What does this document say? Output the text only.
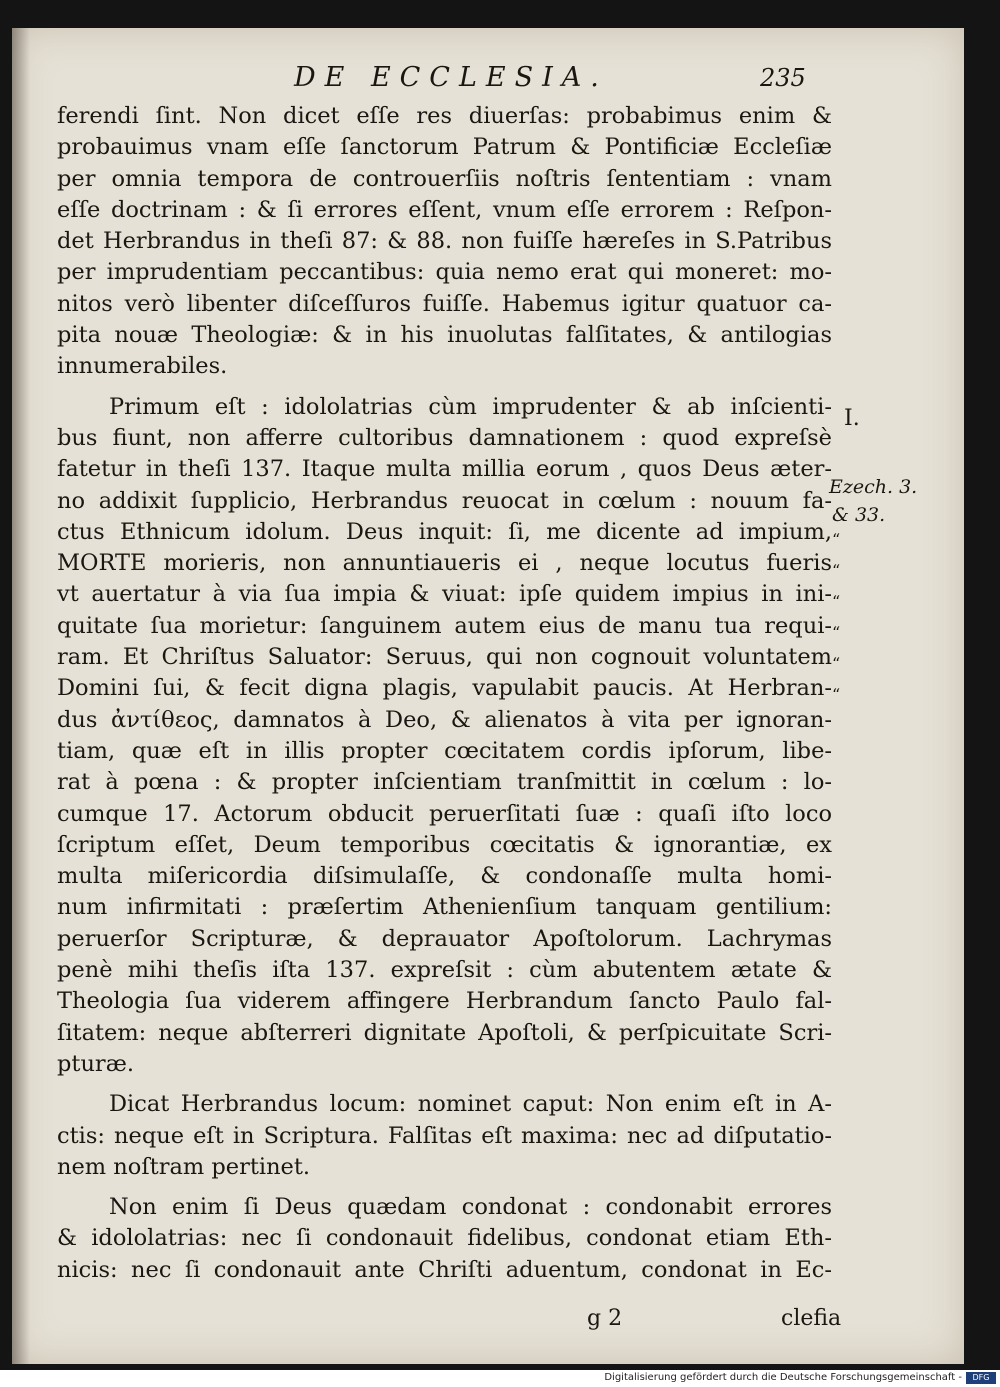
DE ECCLESIA.	235
ferendi ſint. Non dicet eſſe res diuerſas: probabimus enim &
probauimus vnam eſſe ſanctorum Patrum & Pontificiæ Eccleſiæ
per omnia tempora de controuerſiis noſtris ſententiam : vnam
eſſe doctrinam : & ſi errores eſſent, vnum eſſe errorem : Reſpon-
det Herbrandus in theſi 87: & 88. non fuiſſe hæreſes in S.Patribus
per imprudentiam peccantibus: quia nemo erat qui moneret: mo-
nitos verò libenter diſceſſuros fuiſſe. Habemus igitur quatuor ca-
pita nouæ Theologiæ: & in his inuolutas falſitates, & antilogias
innumerabiles.
Primum eſt : idololatrias cùm imprudenter & ab inſcienti-
bus fiunt, non afferre cultoribus damnationem : quod expreſsè
fatetur in theſi 137. Itaque multa millia eorum , quos Deus æter-
no addixit ſupplicio, Herbrandus reuocat in cœlum : nouum fa-
ctus Ethnicum idolum. Deus inquit: ſi, me dicente ad impium,
MORTE morieris, non annuntiaueris ei , neque locutus fueris
vt auertatur à via ſua impia & viuat: ipſe quidem impius in ini-
quitate ſua morietur: ſanguinem autem eius de manu tua requi-
ram. Et Chriſtus Saluator: Seruus, qui non cognouit voluntatem
Domini ſui, & fecit digna plagis, vapulabit paucis. At Herbran-
dus ἀντίθεος, damnatos à Deo, & alienatos à vita per ignoran-
tiam, quæ eſt in illis propter cœcitatem cordis ipſorum, libe-
rat à pœna : & propter inſcientiam tranſmittit in cœlum : lo-
cumque 17. Actorum obducit peruerſitati ſuæ : quaſi iſto loco
ſcriptum eſſet, Deum temporibus cœcitatis & ignorantiæ, ex
multa miſericordia diſsimulaſſe, & condonaſſe multa homi-
num infirmitati : præſertim Athenienſium tanquam gentilium:
peruerſor Scripturæ, & deprauator Apoſtolorum. Lachrymas
penè mihi theſis iſta 137. expreſsit : cùm abutentem ætate &
Theologia ſua viderem affingere Herbrandum ſancto Paulo fal-
ſitatem: neque abſterreri dignitate Apoſtoli, & perſpicuitate Scri-
pturæ.
Dicat Herbrandus locum: nominet caput: Non enim eſt in A-
ctis: neque eſt in Scriptura. Falſitas eſt maxima: nec ad diſputatio-
nem noſtram pertinet.
Non enim ſi Deus quædam condonat : condonabit errores
& idololatrias: nec ſi condonauit fidelibus, condonat etiam Eth-
nicis: nec ſi condonauit ante Chriſti aduentum, condonat in Ec-
I.
Ezech. 3.
& 33.
“
“
“
“
“
“
g 2	clefia
Digitalisierung gefördert durch die Deutsche Forschungsgemeinschaft -	DFG
